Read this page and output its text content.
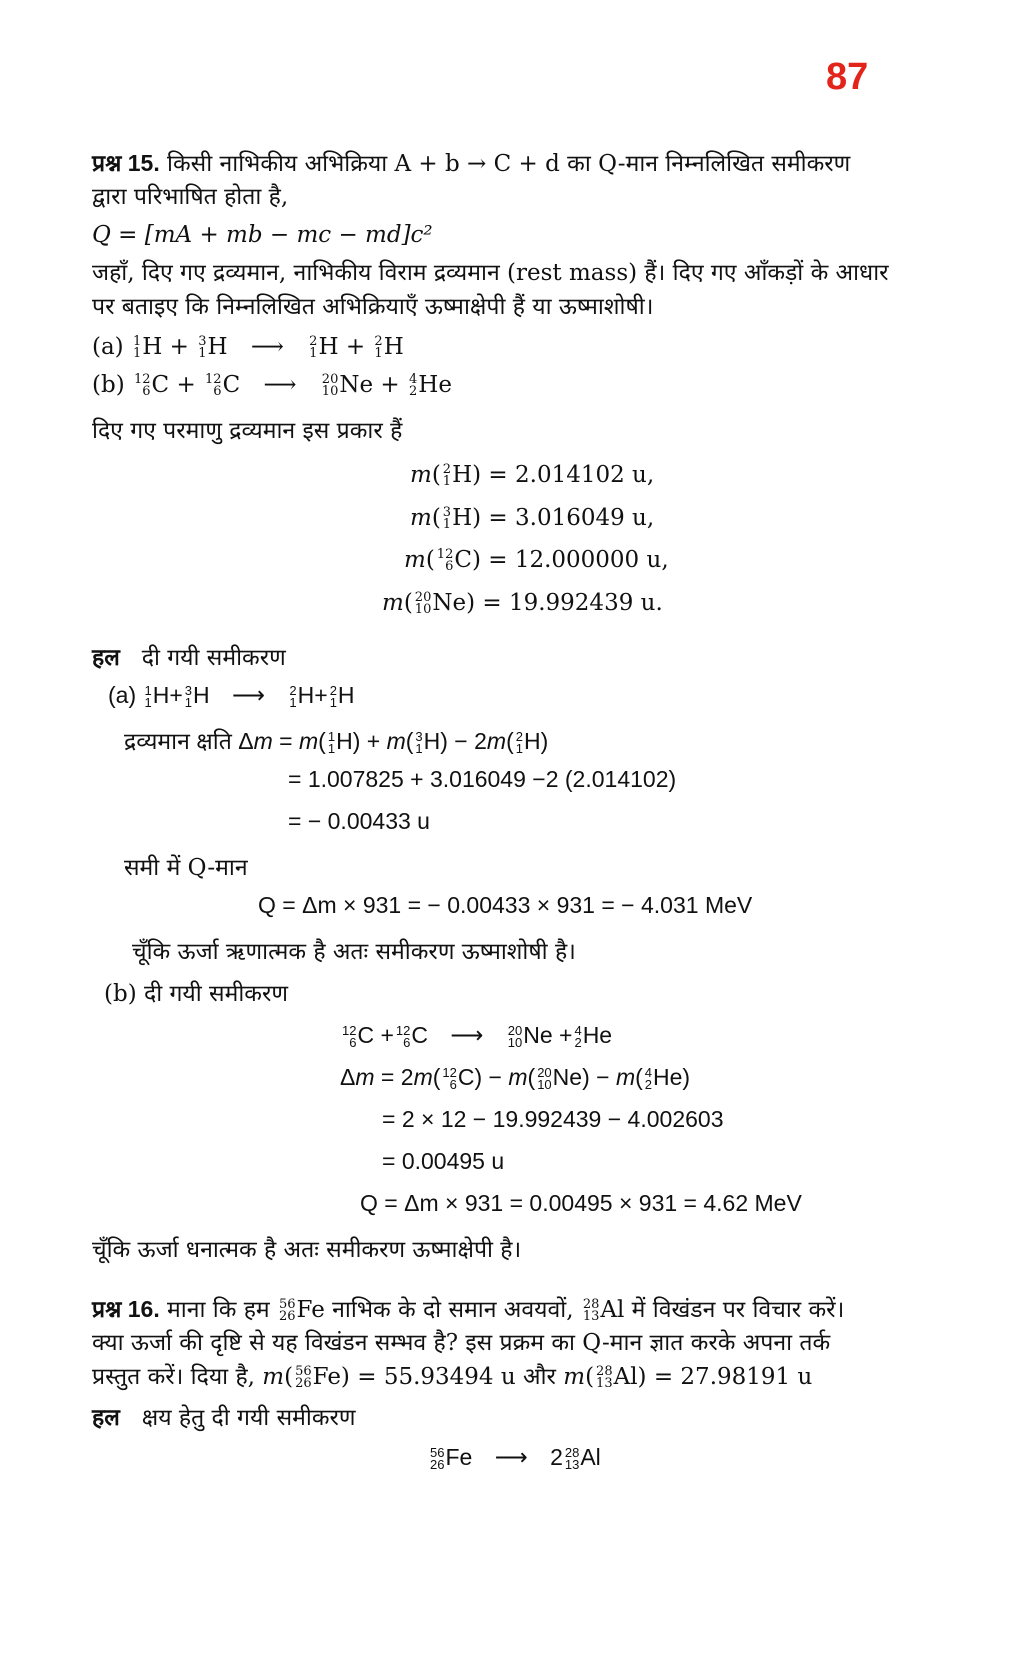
87
प्रश्न 15. किसी नाभिकीय अभिक्रिया A + b → C + d का Q-मान निम्नलिखित समीकरण
द्वारा परिभाषित होता है,
Q = [mA + mb − mc − md]c²
जहाँ, दिए गए द्रव्यमान, नाभिकीय विराम द्रव्यमान (rest mass) हैं। दिए गए आँकड़ों के आधार
पर बताइए कि निम्नलिखित अभिक्रियाएँ ऊष्माक्षेपी हैं या ऊष्माशोषी।
(a) 1
1 H + 3
1 H ⟶ 2
1 H + 2
1 H
(b) 12
6 C + 12
6 C ⟶ 20
10 Ne + 4
2 He
दिए गए परमाणु द्रव्यमान इस प्रकार हैं
m( 2
1 H) = 2.014102 u,
m( 3
1 H) = 3.016049 u,
m( 12
6 C) = 12.000000 u,
m( 20
10 Ne) = 19.992439 u.
हल दी गयी समीकरण
(a) 1
1 H+ 3
1 H ⟶ 2
1 H+ 2
1 H
द्रव्यमान क्षति Δm = m( 1
1 H) + m( 3
1 H) − 2m( 2
1 H)
= 1.007825 + 3.016049 −2 (2.014102)
= − 0.00433 u
समी में Q-मान
Q = Δm × 931 = − 0.00433 × 931 = − 4.031 MeV
चूँकि ऊर्जा ऋणात्मक है अतः समीकरण ऊष्माशोषी है।
(b) दी गयी समीकरण
12
6 C + 12
6 C ⟶ 20
10 Ne + 4
2 He
Δm = 2m( 12
6 C) − m( 20
10 Ne) − m( 4
2 He)
= 2 × 12 − 19.992439 − 4.002603
= 0.00495 u
Q = Δm × 931 = 0.00495 × 931 = 4.62 MeV
चूँकि ऊर्जा धनात्मक है अतः समीकरण ऊष्माक्षेपी है।
प्रश्न 16. माना कि हम 56
26 Fe नाभिक के दो समान अवयवों, 28
13 Al में विखंडन पर विचार करें।
क्या ऊर्जा की दृष्टि से यह विखंडन सम्भव है? इस प्रक्रम का Q-मान ज्ञात करके अपना तर्क
प्रस्तुत करें। दिया है, m( 56
26 Fe) = 55.93494 u और m( 28
13 Al) = 27.98191 u
हल क्षय हेतु दी गयी समीकरण
56
26 Fe ⟶ 2 28
13 Al
